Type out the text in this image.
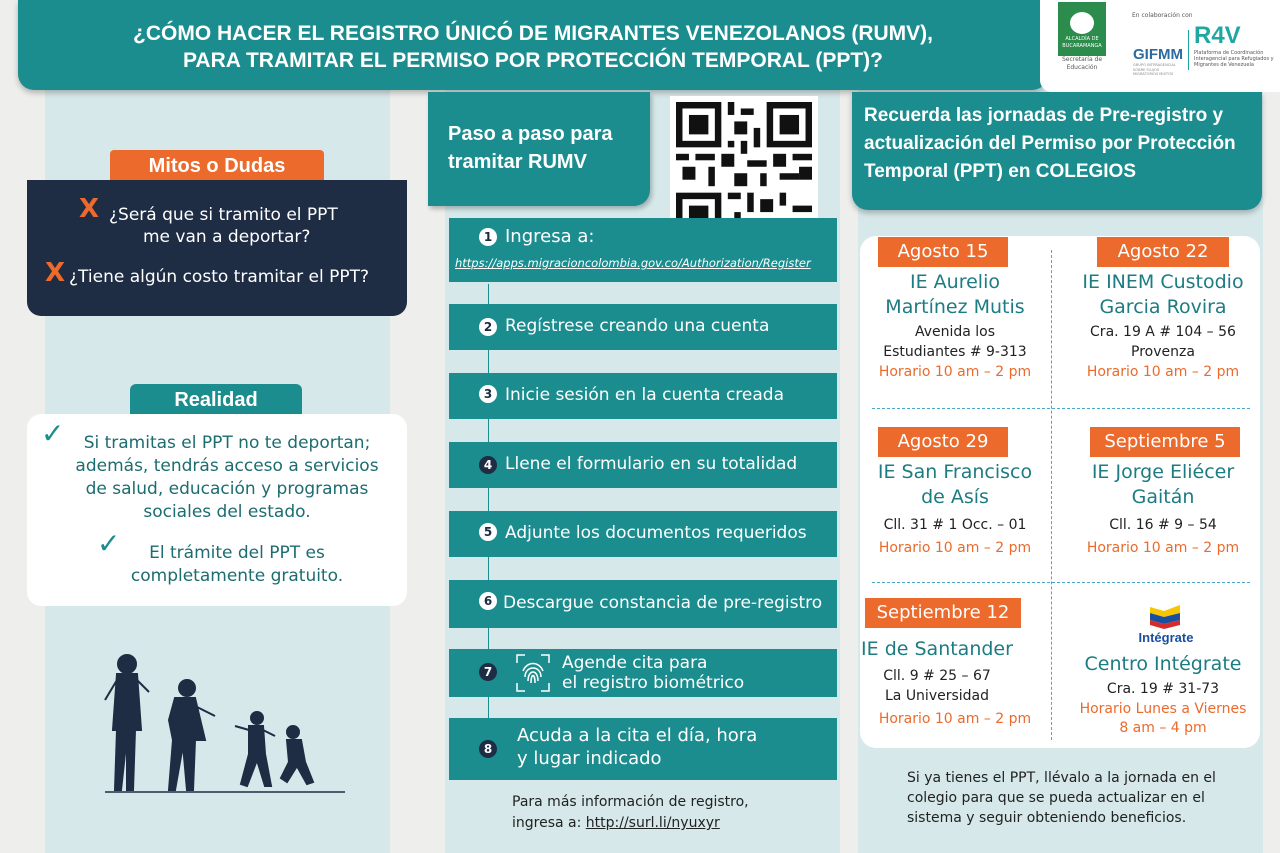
¿CÓMO HACER EL REGISTRO ÚNICÓ DE MIGRANTES VENEZOLANOS (RUMV),
PARA TRAMITAR EL PERMISO POR PROTECCIÓN TEMPORAL (PPT)?
ALCALDÍA DE BUCARAMANGA
Secretaría de Educación
En colaboración con
GIFMM
GRUPO INTERAGENCIAL SOBRE FLUJOS MIGRATORIOS MIXTOS
R4V
Plataforma de Coordinación Interagencial para Refugiados y Migrantes de Venezuela
Mitos o Dudas
X ¿Será que si tramito el PPT
me van a deportar?
X ¿Tiene algún costo tramitar el PPT?
Realidad
✓	Si tramitas el PPT no te deportan;
además, tendrás acceso a servicios
de salud, educación y programas
sociales del estado.
✓	El trámite del PPT es
completamente gratuito.
Paso a paso para
tramitar RUMV
1 Ingresa a:
https://apps.migracioncolombia.gov.co/Authorization/Register
2 Regístrese creando una cuenta
3 Inicie sesión en la cuenta creada
4 Llene el formulario en su totalidad
5 Adjunte los documentos requeridos
6 Descargue constancia de pre-registro
7	Agende cita para
el registro biométrico
8
Acuda a la cita el día, hora
y lugar indicado
Para más información de registro,
ingresa a: http://surl.li/nyuxyr
Recuerda las jornadas de Pre-registro y
actualización del Permiso por Protección
Temporal (PPT) en COLEGIOS
Agosto 15
IE Aurelio
Martínez Mutis
Avenida los
Estudiantes # 9-313
Horario 10 am – 2 pm
Agosto 22
IE INEM Custodio
Garcia Rovira
Cra. 19 A # 104 – 56
Provenza
Horario 10 am – 2 pm
Agosto 29
IE San Francisco
de Asís
Cll. 31 # 1 Occ. – 01
Horario 10 am – 2 pm
Septiembre 5
IE Jorge Eliécer
Gaitán
Cll. 16 # 9 – 54
Horario 10 am – 2 pm
Septiembre 12
IE de Santander
Cll. 9 # 25 – 67
La Universidad
Horario 10 am – 2 pm
Intégrate
Centro Intégrate
Cra. 19 # 31-73
Horario Lunes a Viernes
8 am – 4 pm
Si ya tienes el PPT, llévalo a la jornada en el colegio para que se pueda actualizar en el sistema y seguir obteniendo beneficios.
